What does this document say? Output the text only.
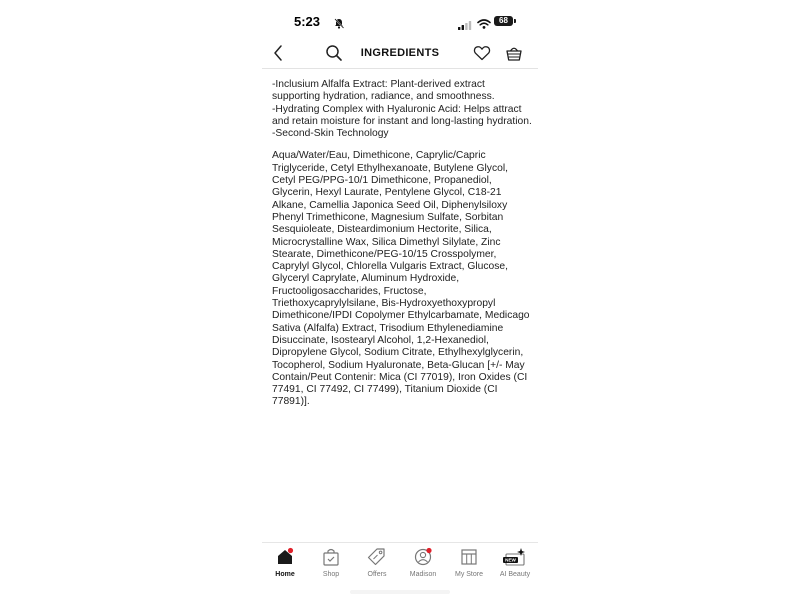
5:23	68
INGREDIENTS

-Inclusium Alfalfa Extract: Plant-derived extract supporting hydration, radiance, and smoothness.

-Hydrating Complex with Hyaluronic Acid: Helps attract and retain moisture for instant and long-lasting hydration.

-Second-Skin Technology

Aqua/Water/Eau, Dimethicone, Caprylic/Capric Triglyceride, Cetyl Ethylhexanoate, Butylene Glycol, Cetyl PEG/PPG-10/1 Dimethicone, Propanediol, Glycerin, Hexyl Laurate, Pentylene Glycol, C18-21 Alkane, Camellia Japonica Seed Oil, Diphenylsiloxy Phenyl Trimethicone, Magnesium Sulfate, Sorbitan Sesquioleate, Disteardimonium Hectorite, Silica, Microcrystalline Wax, Silica Dimethyl Silylate, Zinc Stearate, Dimethicone/PEG-10/15 Crosspolymer, Caprylyl Glycol, Chlorella Vulgaris Extract, Glucose, Glyceryl Caprylate, Aluminum Hydroxide, Fructooligosaccharides, Fructose, Triethoxycaprylylsilane, Bis-Hydroxyethoxypropyl Dimethicone/IPDI Copolymer Ethylcarbamate, Medicago Sativa (Alfalfa) Extract, Trisodium Ethylenediamine Disuccinate, Isostearyl Alcohol, 1,2-Hexanediol, Dipropylene Glycol, Sodium Citrate, Ethylhexylglycerin, Tocopherol, Sodium Hyaluronate, Beta-Glucan [+/- May Contain/Peut Contenir: Mica (CI 77019), Iron Oxides (CI 77491, CI 77492, CI 77499), Titanium Dioxide (CI 77891)].

Home	Shop	Offers	Madison	My Store
NEW
AI Beauty
